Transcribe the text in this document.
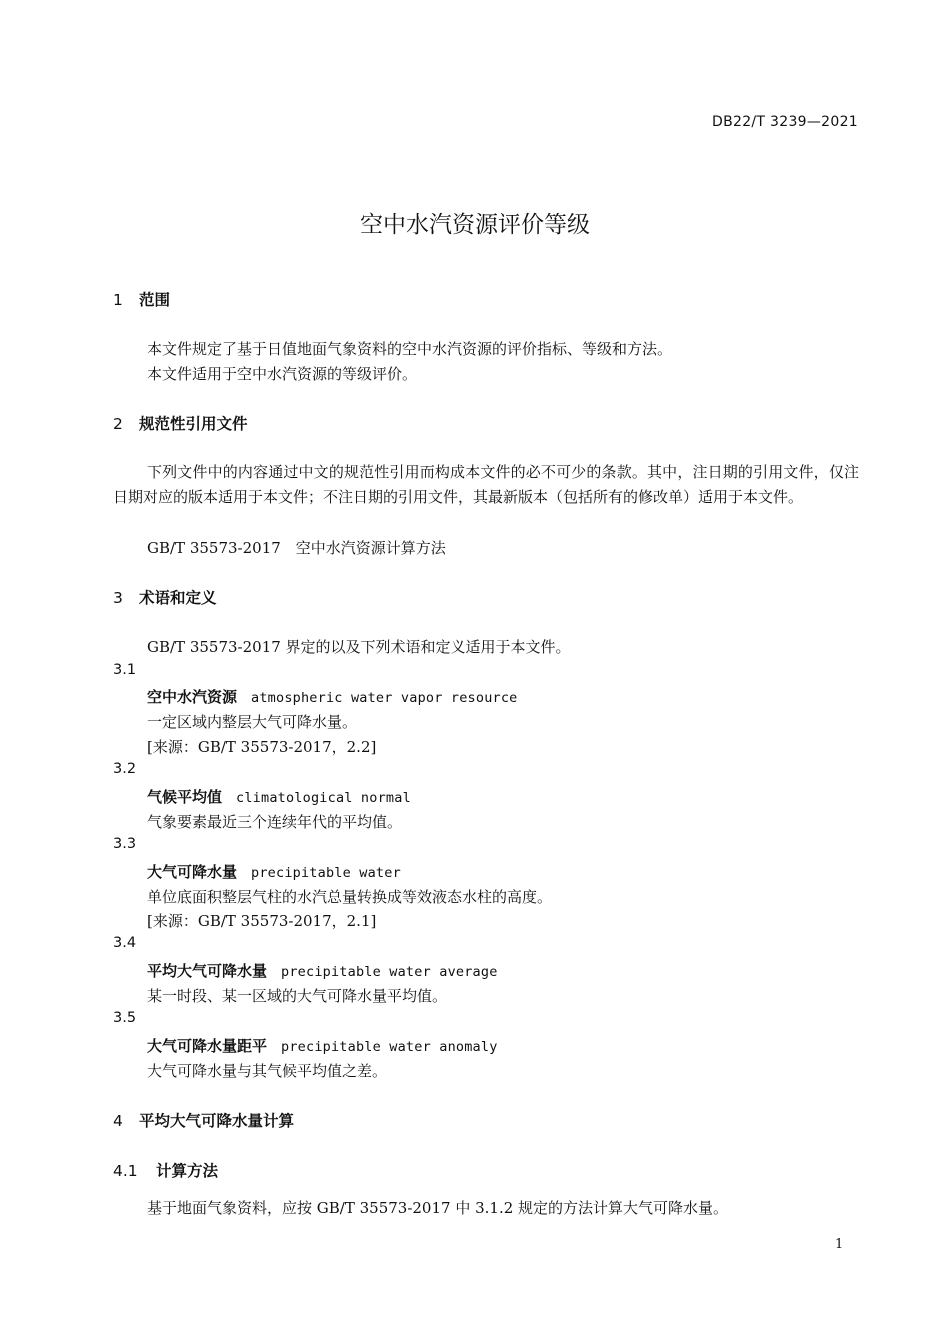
DB22/T 3239—2021
空中水汽资源评价等级
1 范围
本文件规定了基于日值地面气象资料的空中水汽资源的评价指标、等级和方法。
本文件适用于空中水汽资源的等级评价。
2 规范性引用文件
下列文件中的内容通过中文的规范性引用而构成本文件的必不可少的条款。其中，注日期的引用文件，仅注日期对应的版本适用于本文件；不注日期的引用文件，其最新版本（包括所有的修改单）适用于本文件。
GB/T 35573-2017　空中水汽资源计算方法
3 术语和定义
GB/T 35573-2017 界定的以及下列术语和定义适用于本文件。
3.1
空中水汽资源 atmospheric water vapor resource
一定区域内整层大气可降水量。
[来源：GB/T 35573-2017，2.2]
3.2
气候平均值 climatological normal
气象要素最近三个连续年代的平均值。
3.3
大气可降水量 precipitable water
单位底面积整层气柱的水汽总量转换成等效液态水柱的高度。
[来源：GB/T 35573-2017，2.1]
3.4
平均大气可降水量 precipitable water average
某一时段、某一区域的大气可降水量平均值。
3.5
大气可降水量距平 precipitable water anomaly
大气可降水量与其气候平均值之差。
4 平均大气可降水量计算
4.1 计算方法
基于地面气象资料，应按 GB/T 35573-2017 中 3.1.2 规定的方法计算大气可降水量。
1
